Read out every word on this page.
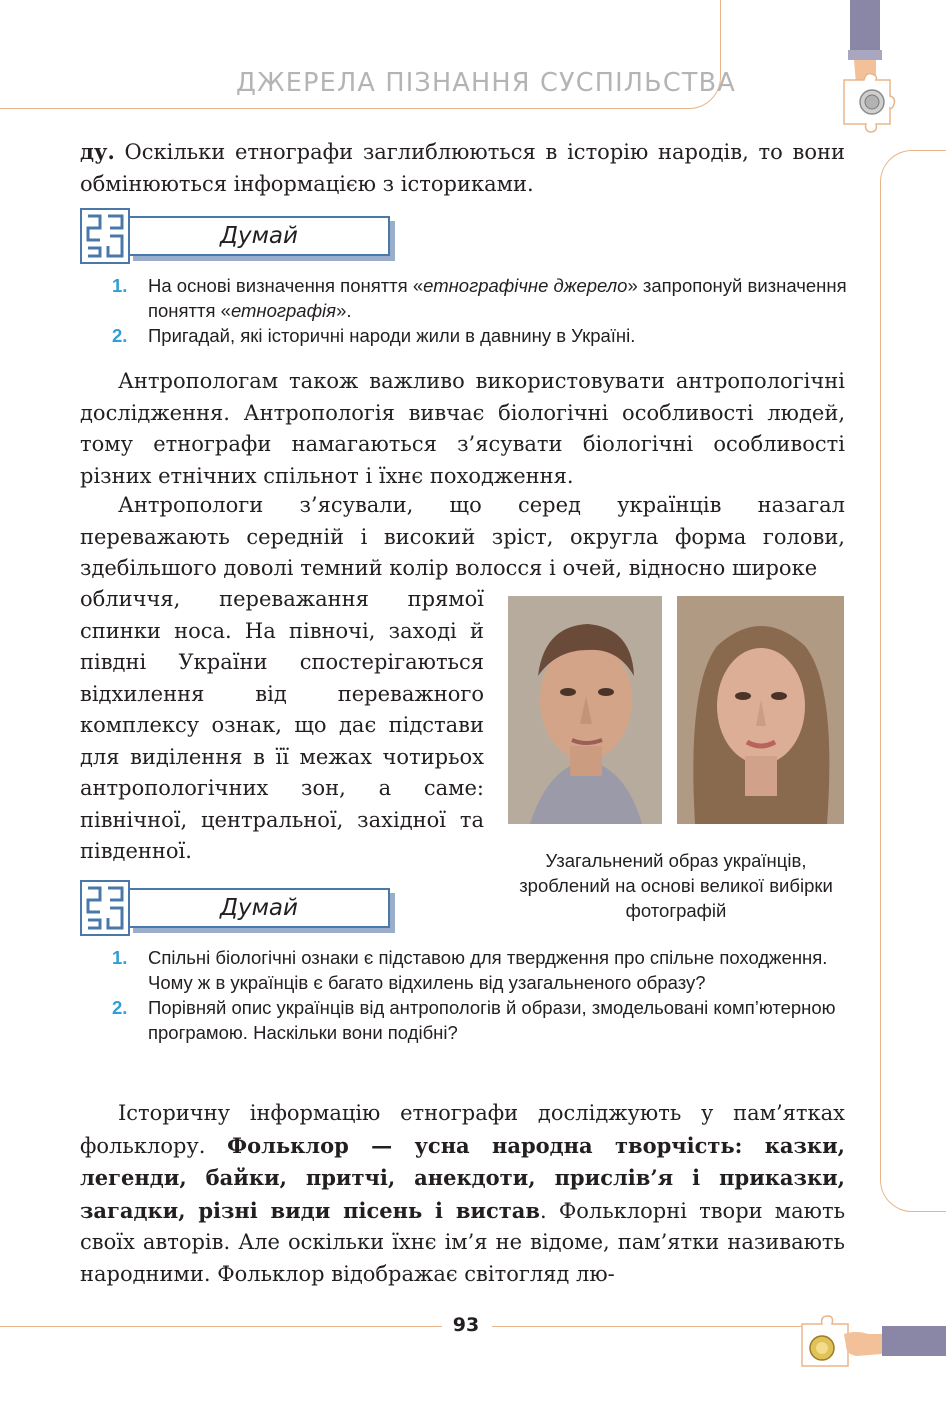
ДЖЕРЕЛА ПІЗНАННЯ СУСПІЛЬСТВА

ду. Оскільки етнографи заглиблюються в історію народів, то вони обмінюються інформацією з істориками.

Думай
1. На основі визначення поняття «етнографічне джерело» запропонуй визначення поняття «етнографія».
2. Пригадай, які історичні народи жили в давнину в Україні.

Антропологам також важливо використовувати антропологічні дослідження. Антропологія вивчає біологічні особливості людей, тому етнографи намагаються з’ясувати біологічні особливості різних етнічних спільнот і їхнє походження.

Антропологи з’ясували, що серед українців назагал переважають середній і високий зріст, округла форма голови, здебільшого доволі темний колір волосся і очей, відносно широке

обличчя, переважання прямої спинки носа. На півночі, заході й півдні України спостерігаються відхилення від переважного комплексу ознак, що дає підстави для виділення в її межах чотирьох антропологічних зон, а саме: північної, центральної, західної та південної.	Узагальнений образ українців, зроблений на основі великої вибірки фотографій
Думай
1. Спільні біологічні ознаки є підставою для твердження про спільне походження. Чому ж в українців є багато відхилень від узагальненого образу?
2. Порівняй опис українців від антропологів й образи, змодельовані комп’ютерною програмою. Наскільки вони подібні?

Історичну інформацію етнографи досліджують у пам’ятках фольклору. Фольклор — усна народна творчість: казки, легенди, байки, притчі, анекдоти, прислів’я і приказки, загадки, різні види пісень і вистав. Фольклорні твори мають своїх авторів. Але оскільки їхнє ім’я не відоме, пам’ятки називають народними. Фольклор відображає світогляд лю-

93
